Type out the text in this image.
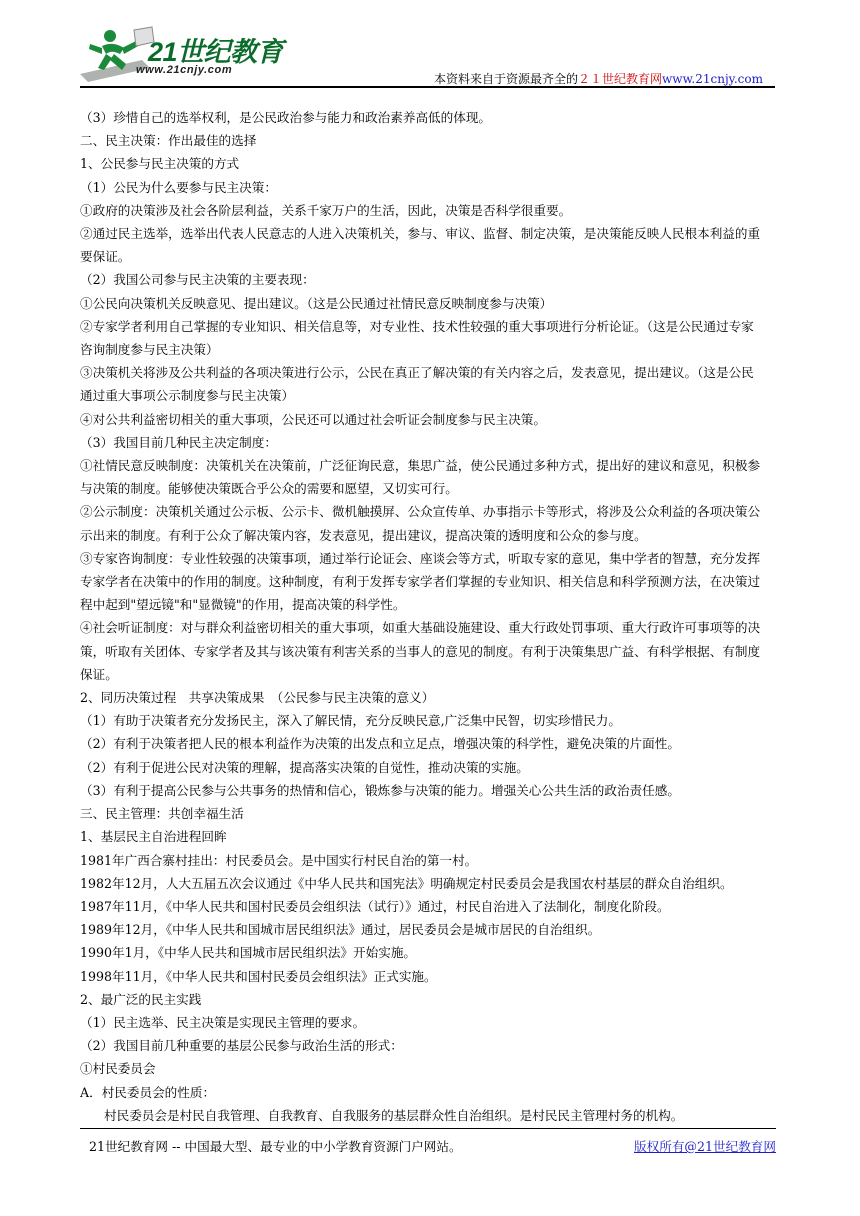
21世纪教育
www.21cnjy.com
本资料来自于资源最齐全的２１世纪教育网www.21cnjy.com
（3）珍惜自己的选举权利，是公民政治参与能力和政治素养高低的体现。
二、民主决策：作出最佳的选择
1、公民参与民主决策的方式
（1）公民为什么要参与民主决策：
①政府的决策涉及社会各阶层利益，关系千家万户的生活，因此，决策是否科学很重要。
②通过民主选举，选举出代表人民意志的人进入决策机关，参与、审议、监督、制定决策，是决策能反映人民根本利益的重
要保证。
（2）我国公司参与民主决策的主要表现：
①公民向决策机关反映意见、提出建议。（这是公民通过社情民意反映制度参与决策）
②专家学者利用自己掌握的专业知识、相关信息等，对专业性、技术性较强的重大事项进行分析论证。（这是公民通过专家
咨询制度参与民主决策）
③决策机关将涉及公共利益的各项决策进行公示，公民在真正了解决策的有关内容之后，发表意见，提出建议。（这是公民
通过重大事项公示制度参与民主决策）
④对公共利益密切相关的重大事项，公民还可以通过社会听证会制度参与民主决策。
（3）我国目前几种民主决定制度：
①社情民意反映制度：决策机关在决策前，广泛征询民意，集思广益，使公民通过多种方式，提出好的建议和意见，积极参
与决策的制度。能够使决策既合乎公众的需要和愿望，又切实可行。
②公示制度：决策机关通过公示板、公示卡、微机触摸屏、公众宣传单、办事指示卡等形式，将涉及公众利益的各项决策公
示出来的制度。有利于公众了解决策内容，发表意见，提出建议，提高决策的透明度和公众的参与度。
③专家咨询制度：专业性较强的决策事项，通过举行论证会、座谈会等方式，听取专家的意见，集中学者的智慧，充分发挥
专家学者在决策中的作用的制度。这种制度，有利于发挥专家学者们掌握的专业知识、相关信息和科学预测方法，在决策过
程中起到"望远镜"和"显微镜"的作用，提高决策的科学性。
④社会听证制度：对与群众利益密切相关的重大事项，如重大基础设施建设、重大行政处罚事项、重大行政许可事项等的决
策，听取有关团体、专家学者及其与该决策有利害关系的当事人的意见的制度。有利于决策集思广益、有科学根据、有制度
保证。
2、同历决策过程　共享决策成果　（公民参与民主决策的意义）
（1）有助于决策者充分发扬民主，深入了解民情，充分反映民意,广泛集中民智，切实珍惜民力。
（2）有利于决策者把人民的根本利益作为决策的出发点和立足点，增强决策的科学性，避免决策的片面性。
（2）有利于促进公民对决策的理解，提高落实决策的自觉性，推动决策的实施。
（3）有利于提高公民参与公共事务的热情和信心，锻炼参与决策的能力。增强关心公共生活的政治责任感。
三、民主管理：共创幸福生活
1、基层民主自治进程回眸
1981年广西合寨村挂出：村民委员会。是中国实行村民自治的第一村。
1982年12月，人大五届五次会议通过《中华人民共和国宪法》明确规定村民委员会是我国农村基层的群众自治组织。
1987年11月，《中华人民共和国村民委员会组织法（试行）》通过，村民自治进入了法制化，制度化阶段。
1989年12月，《中华人民共和国城市居民组织法》通过，居民委员会是城市居民的自治组织。
1990年1月，《中华人民共和国城市居民组织法》开始实施。
1998年11月，《中华人民共和国村民委员会组织法》正式实施。
2、最广泛的民主实践
（1）民主选举、民主决策是实现民主管理的要求。
（2）我国目前几种重要的基层公民参与政治生活的形式：
①村民委员会
A．村民委员会的性质：
村民委员会是村民自我管理、自我教育、自我服务的基层群众性自治组织。是村民民主管理村务的机构。
21世纪教育网 -- 中国最大型、最专业的中小学教育资源门户网站。	版权所有@21世纪教育网
